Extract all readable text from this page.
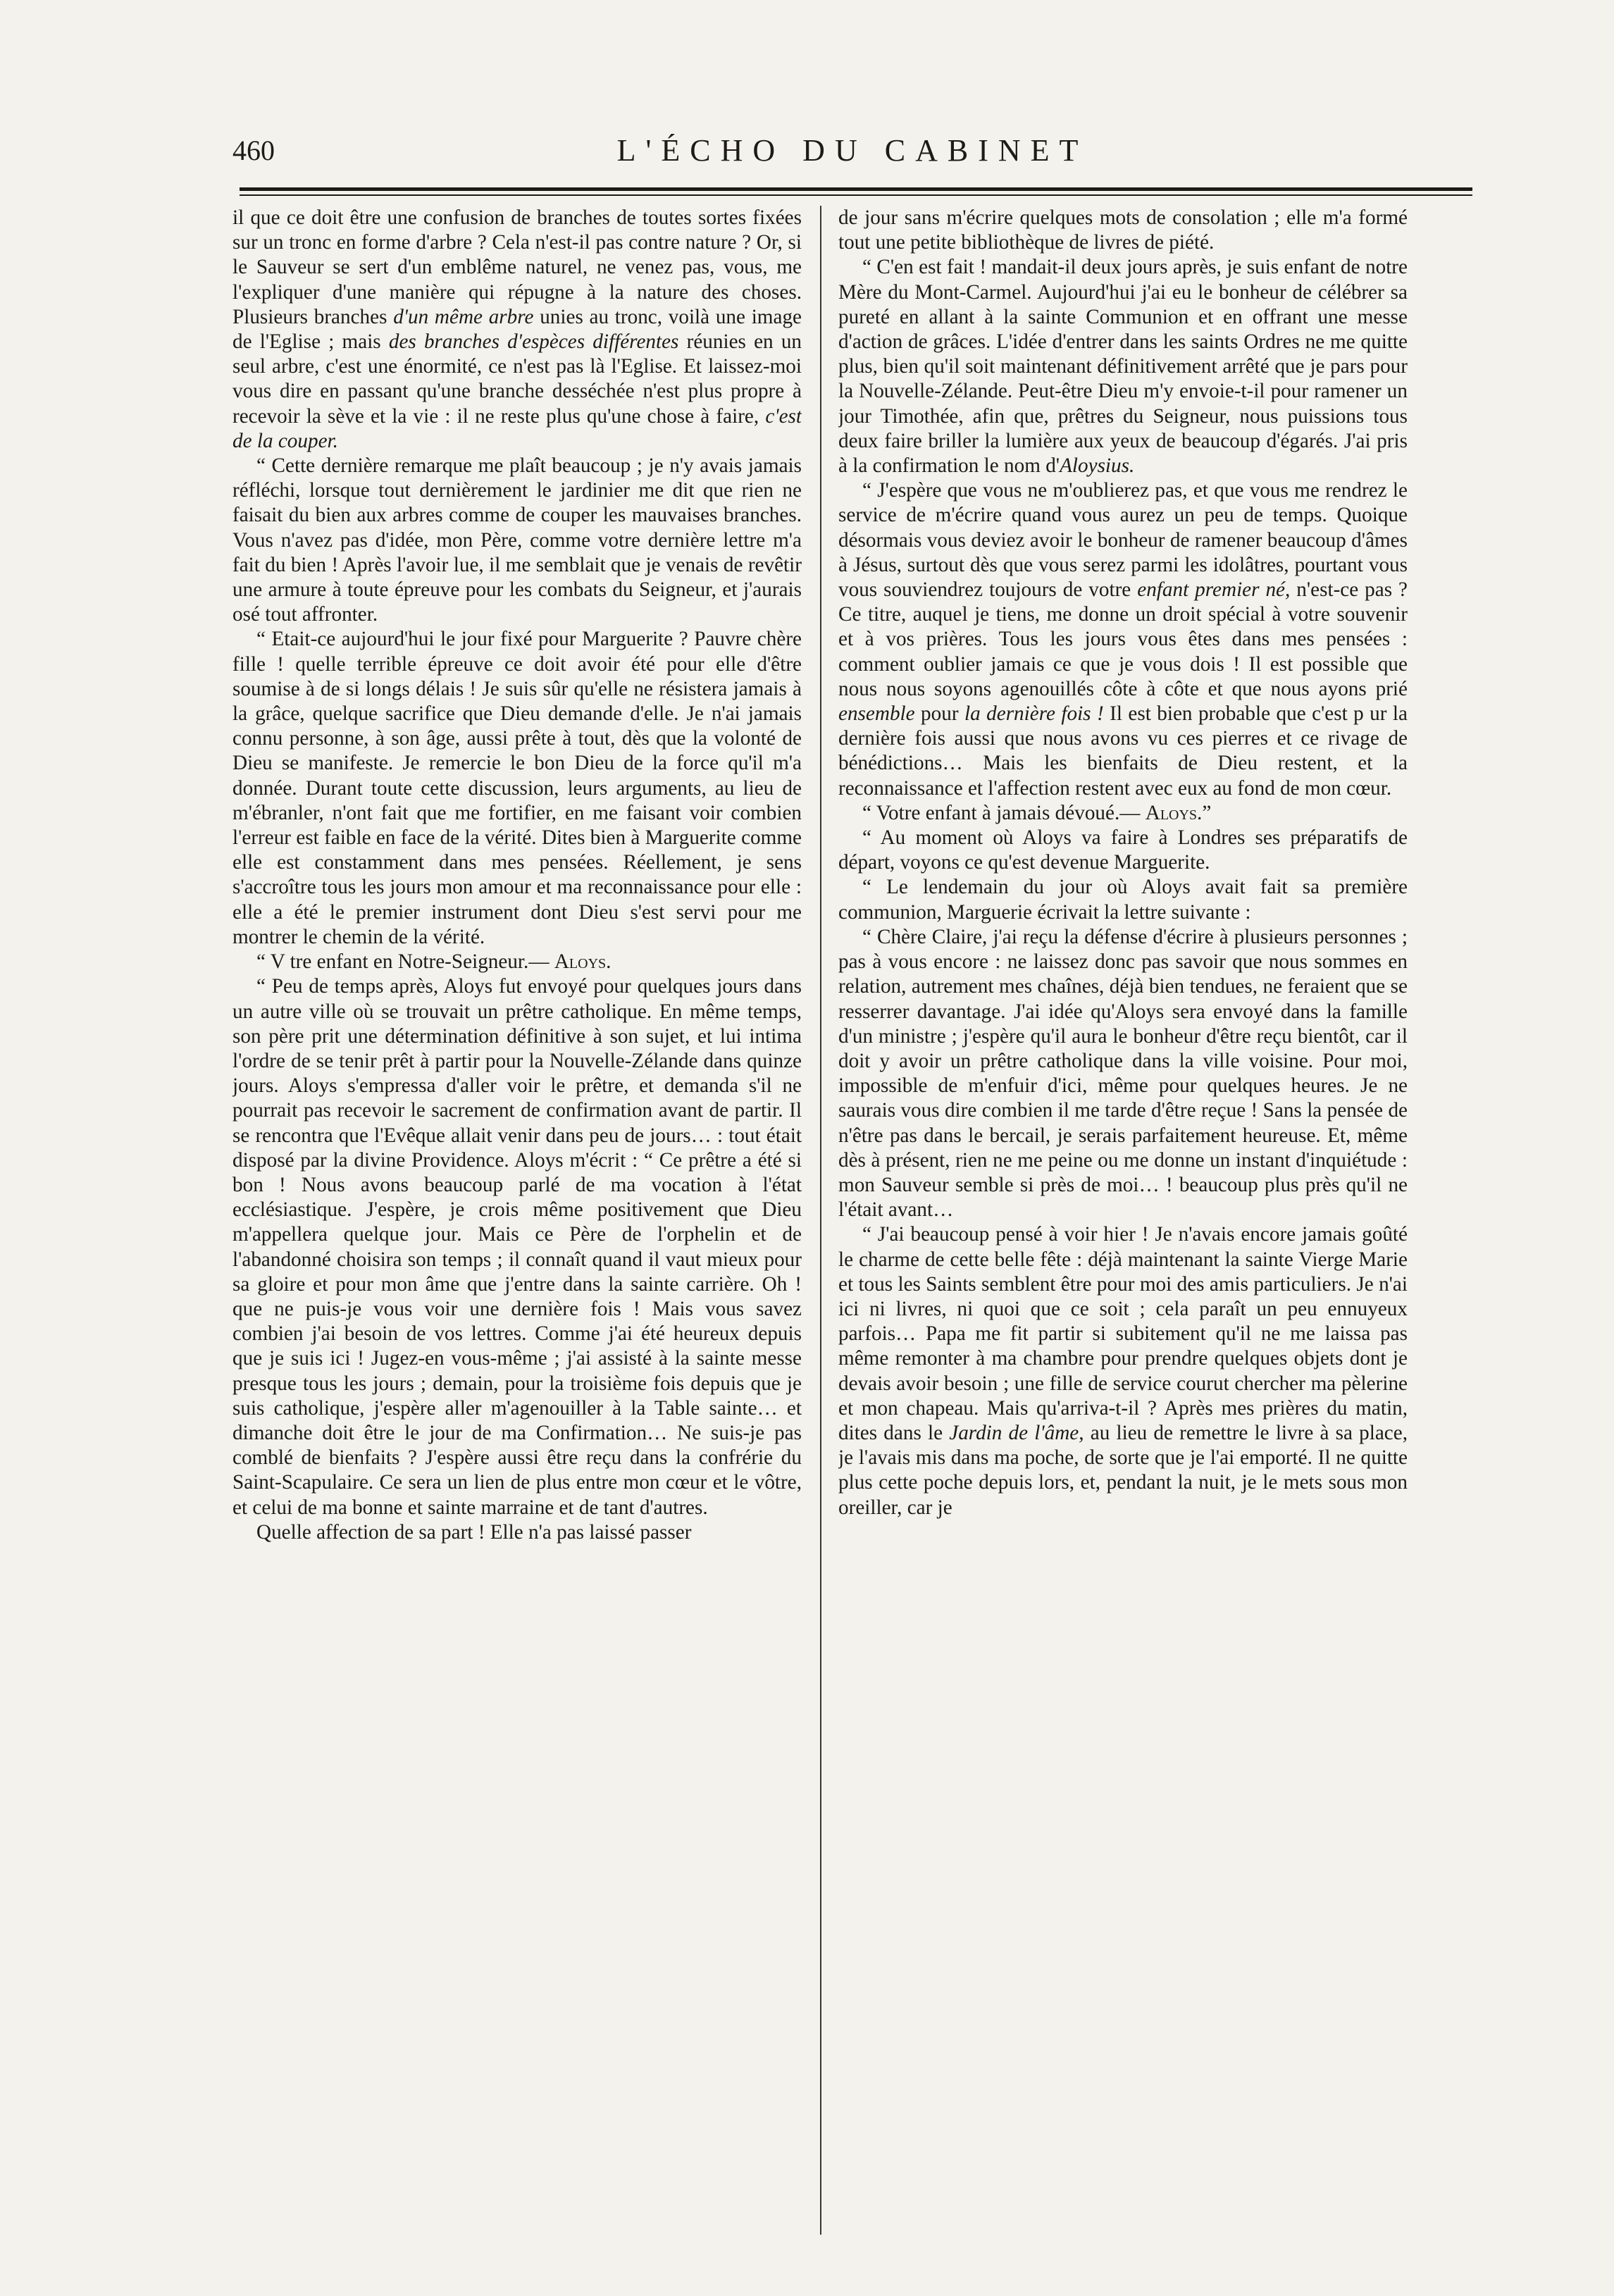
460	L'ÉCHO DU CABINET

il que ce doit être une confusion de branches de toutes sortes fixées sur un tronc en forme d'arbre ? Cela n'est-il pas contre nature ? Or, si le Sauveur se sert d'un emblême naturel, ne venez pas, vous, me l'expliquer d'une manière qui répugne à la nature des choses. Plusieurs branches d'un même arbre unies au tronc, voilà une image de l'Eglise ; mais des branches d'espèces différentes réunies en un seul arbre, c'est une énormité, ce n'est pas là l'Eglise. Et laissez-moi vous dire en passant qu'une branche desséchée n'est plus propre à recevoir la sève et la vie : il ne reste plus qu'une chose à faire, c'est de la couper.

“ Cette dernière remarque me plaît beaucoup ; je n'y avais jamais réfléchi, lorsque tout dernièrement le jardinier me dit que rien ne faisait du bien aux arbres comme de couper les mauvaises branches. Vous n'avez pas d'idée, mon Père, comme votre dernière lettre m'a fait du bien ! Après l'avoir lue, il me semblait que je venais de revêtir une armure à toute épreuve pour les combats du Seigneur, et j'aurais osé tout affronter.

“ Etait-ce aujourd'hui le jour fixé pour Marguerite ? Pauvre chère fille ! quelle terrible épreuve ce doit avoir été pour elle d'être soumise à de si longs délais ! Je suis sûr qu'elle ne résistera jamais à la grâce, quelque sacrifice que Dieu demande d'elle. Je n'ai jamais connu personne, à son âge, aussi prête à tout, dès que la volonté de Dieu se manifeste. Je remercie le bon Dieu de la force qu'il m'a donnée. Durant toute cette discussion, leurs arguments, au lieu de m'ébranler, n'ont fait que me fortifier, en me faisant voir combien l'erreur est faible en face de la vérité. Dites bien à Marguerite comme elle est constamment dans mes pensées. Réellement, je sens s'accroître tous les jours mon amour et ma reconnaissance pour elle : elle a été le premier instrument dont Dieu s'est servi pour me montrer le chemin de la vérité.

“ V tre enfant en Notre-Seigneur.— Aloys.

“ Peu de temps après, Aloys fut envoyé pour quelques jours dans un autre ville où se trouvait un prêtre catholique. En même temps, son père prit une détermination définitive à son sujet, et lui intima l'ordre de se tenir prêt à partir pour la Nouvelle-Zélande dans quinze jours. Aloys s'empressa d'aller voir le prêtre, et demanda s'il ne pourrait pas recevoir le sacrement de confirmation avant de partir. Il se rencontra que l'Evêque allait venir dans peu de jours… : tout était disposé par la divine Providence. Aloys m'écrit : “ Ce prêtre a été si bon ! Nous avons beaucoup parlé de ma vocation à l'état ecclésiastique. J'espère, je crois même positivement que Dieu m'appellera quelque jour. Mais ce Père de l'orphelin et de l'abandonné choisira son temps ; il connaît quand il vaut mieux pour sa gloire et pour mon âme que j'entre dans la sainte carrière. Oh ! que ne puis-je vous voir une dernière fois ! Mais vous savez combien j'ai besoin de vos lettres. Comme j'ai été heureux depuis que je suis ici ! Jugez-en vous-même ; j'ai assisté à la sainte messe presque tous les jours ; demain, pour la troisième fois depuis que je suis catholique, j'espère aller m'agenouiller à la Table sainte… et dimanche doit être le jour de ma Confirmation… Ne suis-je pas comblé de bienfaits ? J'espère aussi être reçu dans la confrérie du Saint-Scapulaire. Ce sera un lien de plus entre mon cœur et le vôtre, et celui de ma bonne et sainte marraine et de tant d'autres.

Quelle affection de sa part ! Elle n'a pas laissé passer

de jour sans m'écrire quelques mots de consolation ; elle m'a formé tout une petite bibliothèque de livres de piété.

“ C'en est fait ! mandait-il deux jours après, je suis enfant de notre Mère du Mont-Carmel. Aujourd'hui j'ai eu le bonheur de célébrer sa pureté en allant à la sainte Communion et en offrant une messe d'action de grâces. L'idée d'entrer dans les saints Ordres ne me quitte plus, bien qu'il soit maintenant définitivement arrêté que je pars pour la Nouvelle-Zélande. Peut-être Dieu m'y envoie-t-il pour ramener un jour Timothée, afin que, prêtres du Seigneur, nous puissions tous deux faire briller la lumière aux yeux de beaucoup d'égarés. J'ai pris à la confirmation le nom d'Aloysius.

“ J'espère que vous ne m'oublierez pas, et que vous me rendrez le service de m'écrire quand vous aurez un peu de temps. Quoique désormais vous deviez avoir le bonheur de ramener beaucoup d'âmes à Jésus, surtout dès que vous serez parmi les idolâtres, pourtant vous vous souviendrez toujours de votre enfant premier né, n'est-ce pas ? Ce titre, auquel je tiens, me donne un droit spécial à votre souvenir et à vos prières. Tous les jours vous êtes dans mes pensées : comment oublier jamais ce que je vous dois ! Il est possible que nous nous soyons agenouillés côte à côte et que nous ayons prié ensemble pour la dernière fois ! Il est bien probable que c'est p ur la dernière fois aussi que nous avons vu ces pierres et ce rivage de bénédictions… Mais les bienfaits de Dieu restent, et la reconnaissance et l'affection restent avec eux au fond de mon cœur.

“ Votre enfant à jamais dévoué.— Aloys.”

“ Au moment où Aloys va faire à Londres ses préparatifs de départ, voyons ce qu'est devenue Marguerite.

“ Le lendemain du jour où Aloys avait fait sa première communion, Marguerie écrivait la lettre suivante :

“ Chère Claire, j'ai reçu la défense d'écrire à plusieurs personnes ; pas à vous encore : ne laissez donc pas savoir que nous sommes en relation, autrement mes chaînes, déjà bien tendues, ne feraient que se resserrer davantage. J'ai idée qu'Aloys sera envoyé dans la famille d'un ministre ; j'espère qu'il aura le bonheur d'être reçu bientôt, car il doit y avoir un prêtre catholique dans la ville voisine. Pour moi, impossible de m'enfuir d'ici, même pour quelques heures. Je ne saurais vous dire combien il me tarde d'être reçue ! Sans la pensée de n'être pas dans le bercail, je serais parfaitement heureuse. Et, même dès à présent, rien ne me peine ou me donne un instant d'inquiétude : mon Sauveur semble si près de moi… ! beaucoup plus près qu'il ne l'était avant…

“ J'ai beaucoup pensé à voir hier ! Je n'avais encore jamais goûté le charme de cette belle fête : déjà maintenant la sainte Vierge Marie et tous les Saints semblent être pour moi des amis particuliers. Je n'ai ici ni livres, ni quoi que ce soit ; cela paraît un peu ennuyeux parfois… Papa me fit partir si subitement qu'il ne me laissa pas même remonter à ma chambre pour prendre quelques objets dont je devais avoir besoin ; une fille de service courut chercher ma pèlerine et mon chapeau. Mais qu'arriva-t-il ? Après mes prières du matin, dites dans le Jardin de l'âme, au lieu de remettre le livre à sa place, je l'avais mis dans ma poche, de sorte que je l'ai emporté. Il ne quitte plus cette poche depuis lors, et, pendant la nuit, je le mets sous mon oreiller, car je
